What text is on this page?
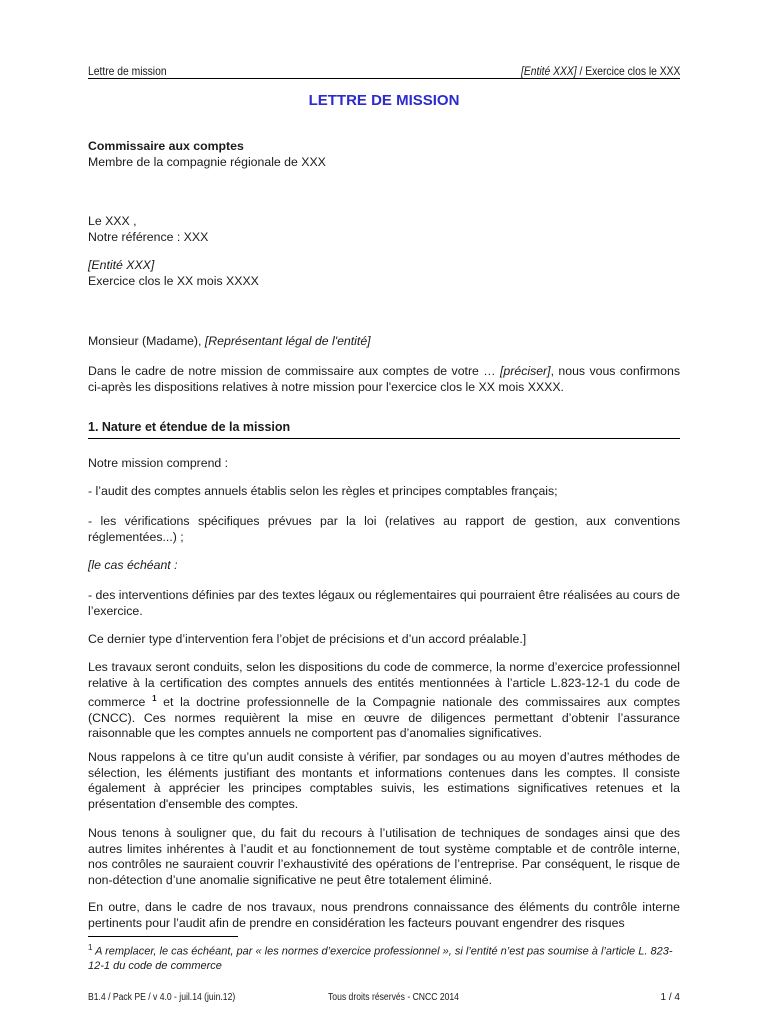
Lettre de mission	[Entité XXX] / Exercice clos le XXX
LETTRE DE MISSION
Commissaire aux comptes
Membre de la compagnie régionale de XXX
Le XXX ,
Notre référence : XXX
[Entité XXX]
Exercice clos le XX mois XXXX
Monsieur (Madame), [Représentant légal de l'entité]
Dans le cadre de notre mission de commissaire aux comptes de votre … [préciser], nous vous confirmons ci-après les dispositions relatives à notre mission pour l'exercice clos le XX mois XXXX.
1. Nature et étendue de la mission
Notre mission comprend :
- l’audit des comptes annuels établis selon les règles et principes comptables français;
- les vérifications spécifiques prévues par la loi (relatives au rapport de gestion, aux conventions réglementées...) ;
[le cas échéant :
- des interventions définies par des textes légaux ou réglementaires qui pourraient être réalisées au cours de l’exercice.
Ce dernier type d’intervention fera l’objet de précisions et d’un accord préalable.]
Les travaux seront conduits, selon les dispositions du code de commerce, la norme d’exercice professionnel relative à la certification des comptes annuels des entités mentionnées à l’article L.823-12-1 du code de commerce $^1$ et la doctrine professionnelle de la Compagnie nationale des commissaires aux comptes (CNCC). Ces normes requièrent la mise en œuvre de diligences permettant d’obtenir l’assurance raisonnable que les comptes annuels ne comportent pas d’anomalies significatives.
Nous rappelons à ce titre qu’un audit consiste à vérifier, par sondages ou au moyen d’autres méthodes de sélection, les éléments justifiant des montants et informations contenues dans les comptes. Il consiste également à apprécier les principes comptables suivis, les estimations significatives retenues et la présentation d'ensemble des comptes.
Nous tenons à souligner que, du fait du recours à l’utilisation de techniques de sondages ainsi que des autres limites inhérentes à l’audit et au fonctionnement de tout système comptable et de contrôle interne, nos contrôles ne sauraient couvrir l’exhaustivité des opérations de l’entreprise. Par conséquent, le risque de non-détection d’une anomalie significative ne peut être totalement éliminé.
En outre, dans le cadre de nos travaux, nous prendrons connaissance des éléments du contrôle interne pertinents pour l’audit afin de prendre en considération les facteurs pouvant engendrer des risques
$^1$ A remplacer, le cas échéant, par « les normes d’exercice professionnel », si l’entité n’est pas soumise à l’article L. 823-12-1 du code de commerce
B1.4 / Pack PE / v 4.0 - juil.14 (juin.12)	Tous droits réservés - CNCC 2014	1 / 4
